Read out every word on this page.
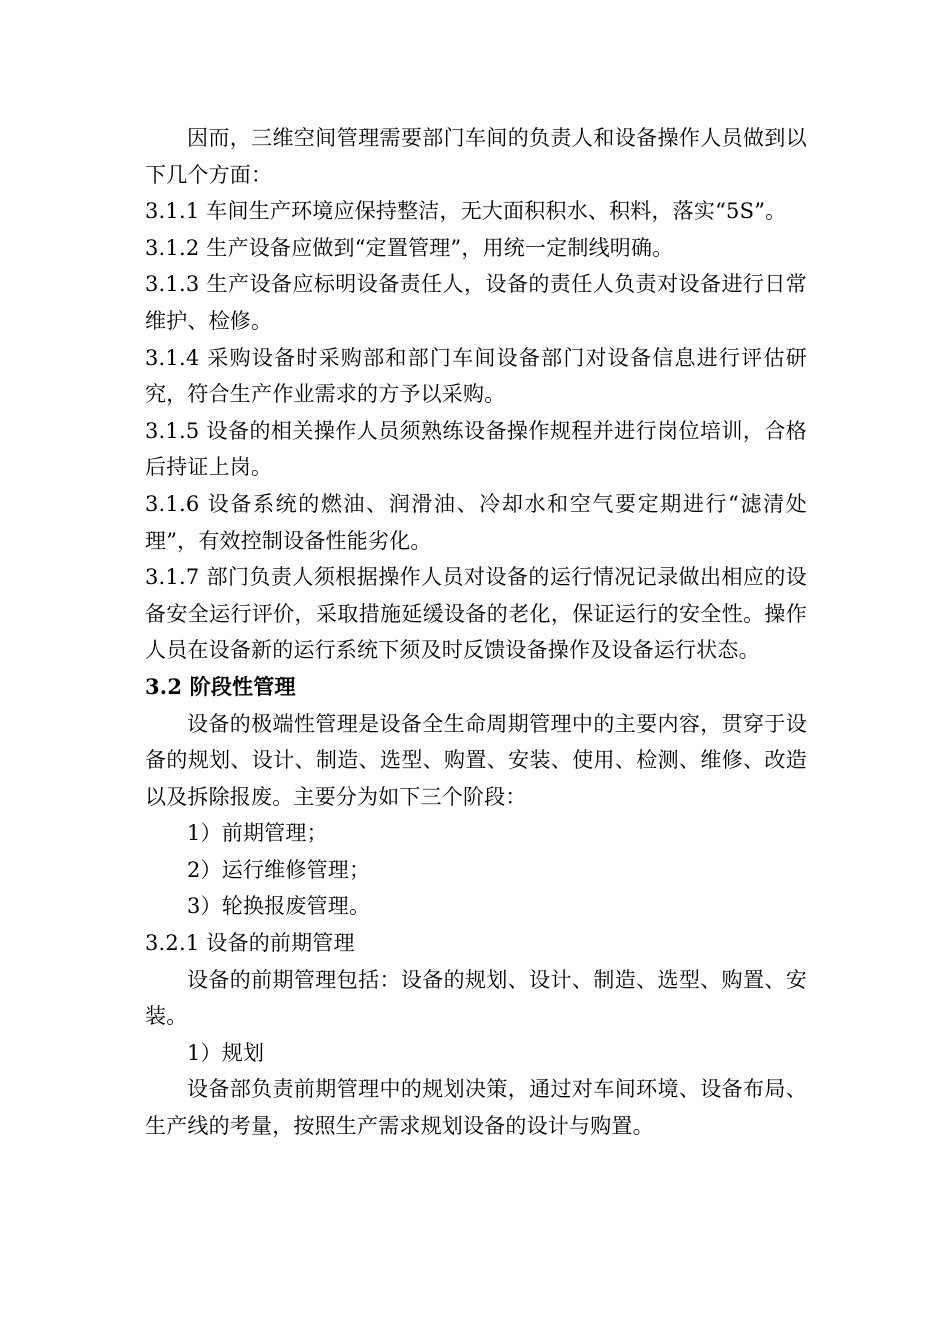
因而，三维空间管理需要部门车间的负责人和设备操作人员做到以下几个方面：

3.1.1 车间生产环境应保持整洁，无大面积积水、积料，落实“5S”。

3.1.2 生产设备应做到“定置管理”，用统一定制线明确。

3.1.3 生产设备应标明设备责任人，设备的责任人负责对设备进行日常维护、检修。

3.1.4 采购设备时采购部和部门车间设备部门对设备信息进行评估研究，符合生产作业需求的方予以采购。

3.1.5 设备的相关操作人员须熟练设备操作规程并进行岗位培训，合格后持证上岗。

3.1.6 设备系统的燃油、润滑油、冷却水和空气要定期进行“滤清处理”，有效控制设备性能劣化。

3.1.7 部门负责人须根据操作人员对设备的运行情况记录做出相应的设备安全运行评价，采取措施延缓设备的老化，保证运行的安全性。操作人员在设备新的运行系统下须及时反馈设备操作及设备运行状态。

3.2 阶段性管理

设备的极端性管理是设备全生命周期管理中的主要内容，贯穿于设备的规划、设计、制造、选型、购置、安装、使用、检测、维修、改造以及拆除报废。主要分为如下三个阶段：

1）前期管理；

2）运行维修管理；

3）轮换报废管理。

3.2.1 设备的前期管理

设备的前期管理包括：设备的规划、设计、制造、选型、购置、安装。

1）规划

设备部负责前期管理中的规划决策，通过对车间环境、设备布局、生产线的考量，按照生产需求规划设备的设计与购置。
